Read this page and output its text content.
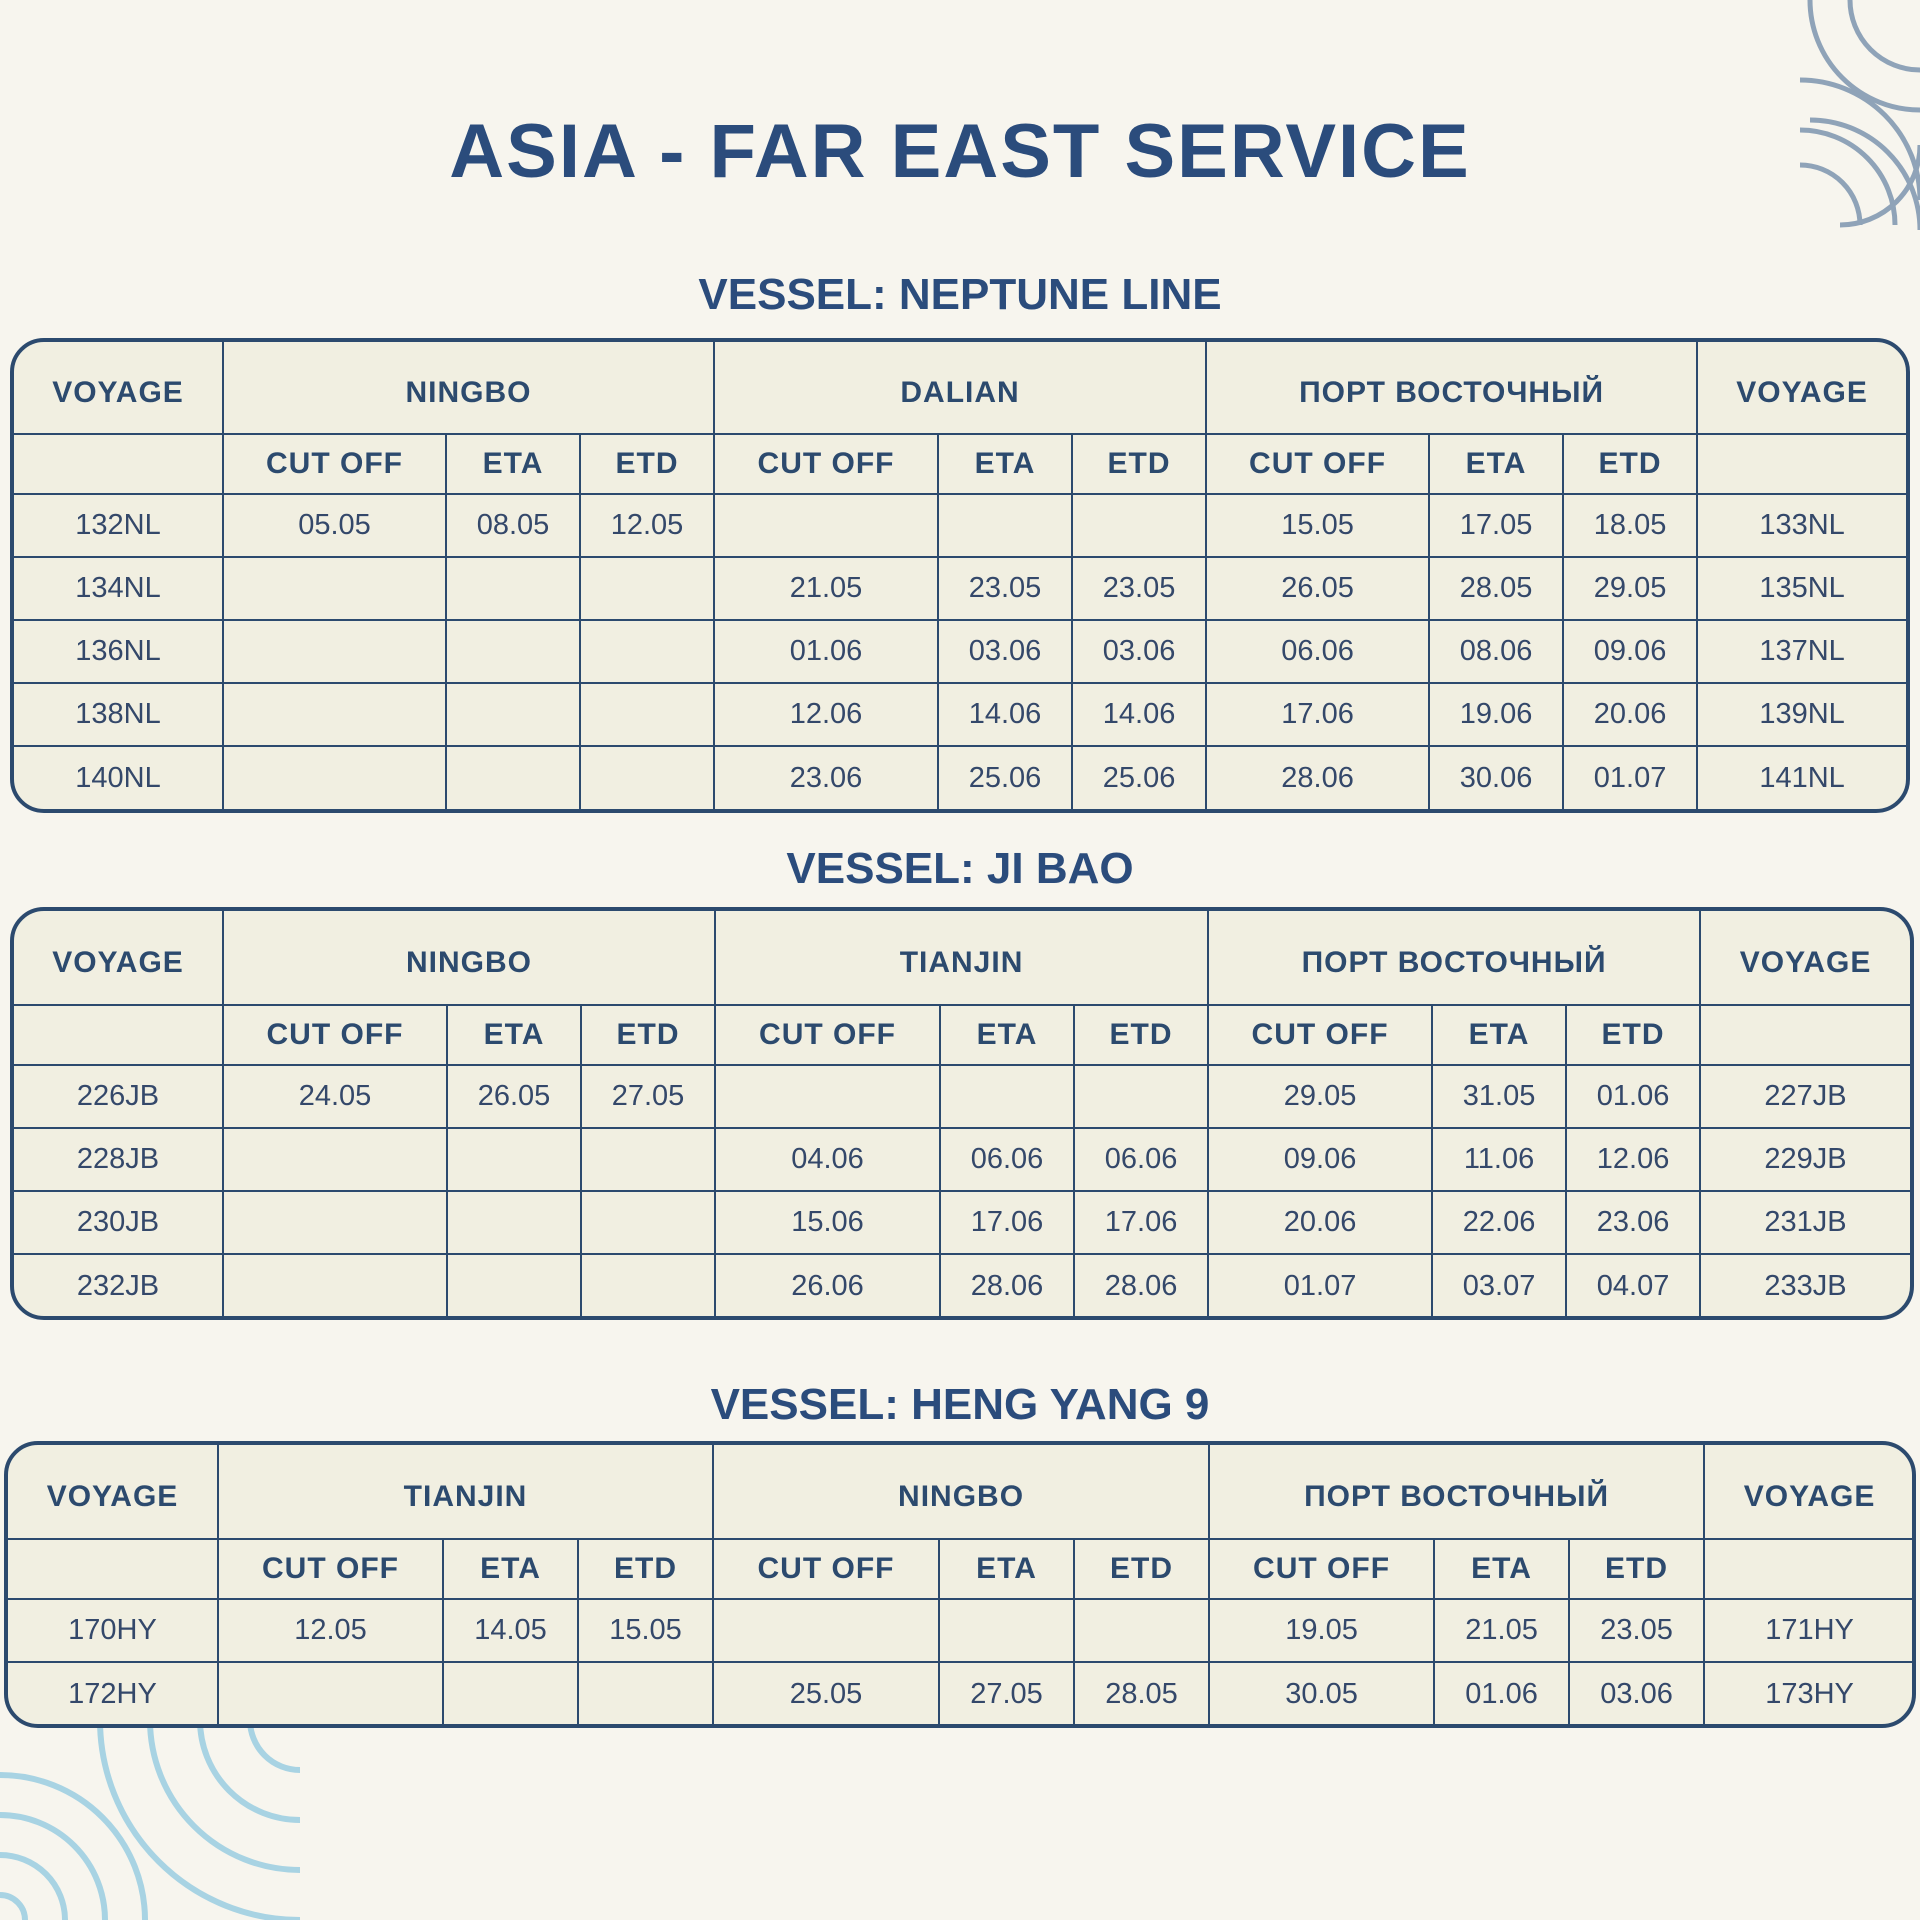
ASIA - FAR EAST SERVICE
VESSEL: NEPTUNE LINE
VOYAGE	NINGBO			DALIAN			ПОРТ ВОСТОЧНЫЙ			VOYAGE
	CUT OFF	ETA	ETD	CUT OFF	ETA	ETD	CUT OFF	ETA	ETD	
132NL	05.05	08.05	12.05				15.05	17.05	18.05	133NL
134NL				21.05	23.05	23.05	26.05	28.05	29.05	135NL
136NL				01.06	03.06	03.06	06.06	08.06	09.06	137NL
138NL				12.06	14.06	14.06	17.06	19.06	20.06	139NL
140NL				23.06	25.06	25.06	28.06	30.06	01.07	141NL
VESSEL: JI BAO
VOYAGE	NINGBO			TIANJIN			ПОРТ ВОСТОЧНЫЙ			VOYAGE
	CUT OFF	ETA	ETD	CUT OFF	ETA	ETD	CUT OFF	ETA	ETD	
226JB	24.05	26.05	27.05				29.05	31.05	01.06	227JB
228JB				04.06	06.06	06.06	09.06	11.06	12.06	229JB
230JB				15.06	17.06	17.06	20.06	22.06	23.06	231JB
232JB				26.06	28.06	28.06	01.07	03.07	04.07	233JB
VESSEL: HENG YANG 9
VOYAGE	TIANJIN			NINGBO			ПОРТ ВОСТОЧНЫЙ			VOYAGE
	CUT OFF	ETA	ETD	CUT OFF	ETA	ETD	CUT OFF	ETA	ETD	
170HY	12.05	14.05	15.05				19.05	21.05	23.05	171HY
172HY				25.05	27.05	28.05	30.05	01.06	03.06	173HY
